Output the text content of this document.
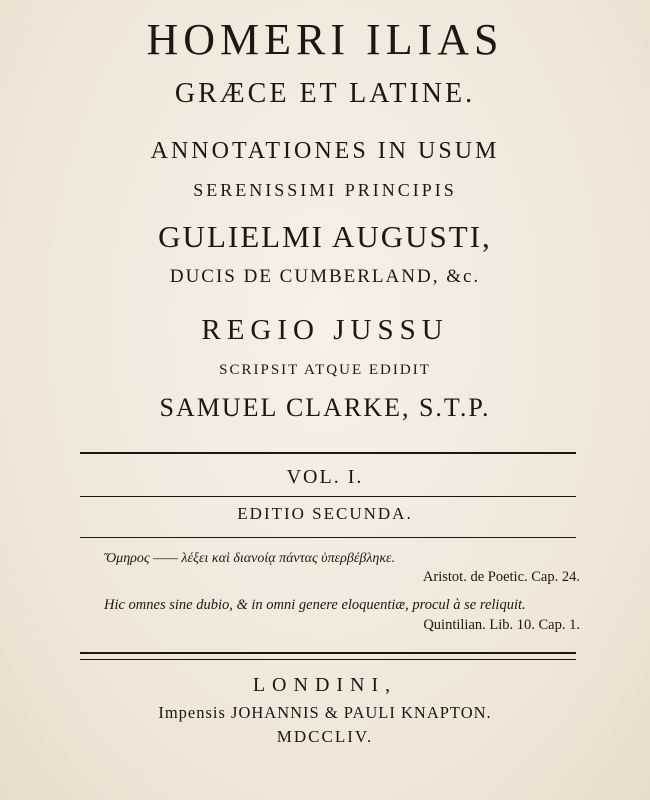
HOMERI ILIAS
GRÆCE ET LATINE.
ANNOTATIONES IN USUM
SERENISSIMI PRINCIPIS
GULIELMI AUGUSTI,
DUCIS DE CUMBERLAND, &c.
REGIO JUSSU
SCRIPSIT ATQUE EDIDIT
SAMUEL CLARKE, S.T.P.
VOL. I.
EDITIO SECUNDA.
Ὅμηρος —— λέξει καὶ διανοίᾳ πάντας ὑπερβέβληκε.
Aristot. de Poetic. Cap. 24.
Hic omnes sine dubio, & in omni genere eloquentiæ, procul à se reliquit.
Quintilian. Lib. 10. Cap. 1.
LONDINI,
Impensis JOHANNIS & PAULI KNAPTON.
MDCCLIV.
